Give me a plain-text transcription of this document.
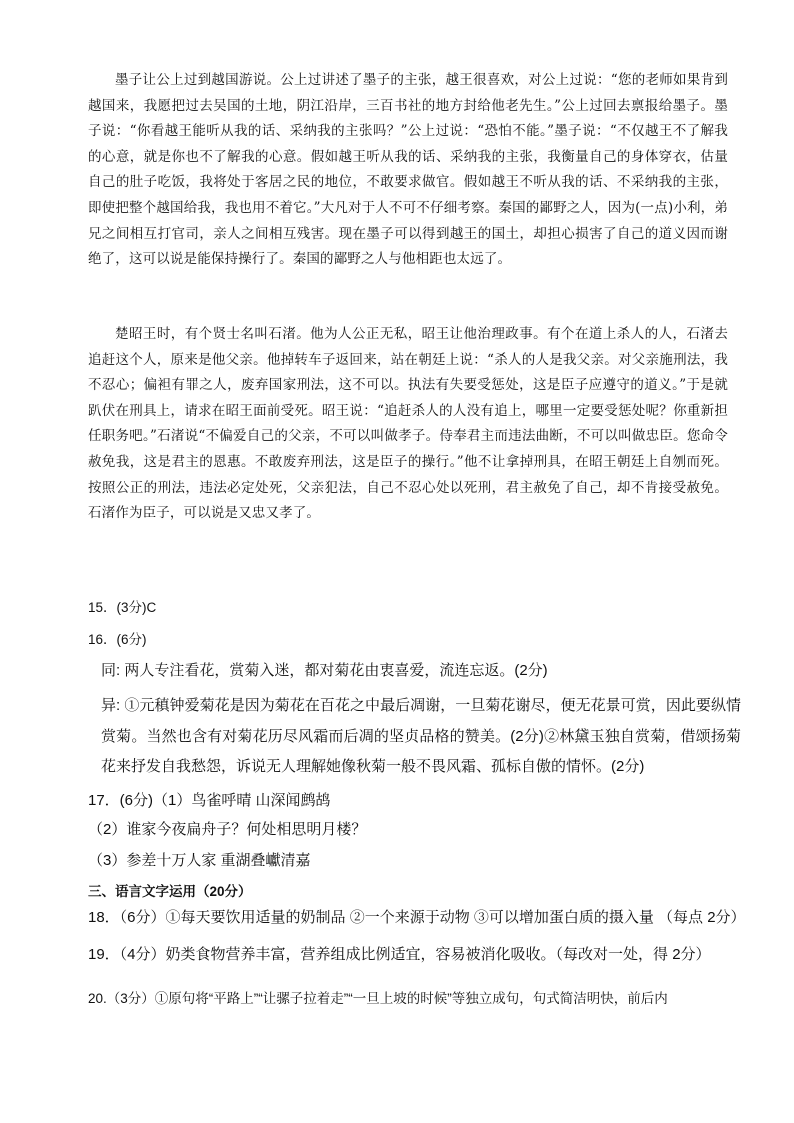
墨子让公上过到越国游说。公上过讲述了墨子的主张，越王很喜欢，对公上过说：“您的老师如果肯到越国来，我愿把过去吴国的土地，阴江沿岸，三百书社的地方封给他老先生。”公上过回去禀报给墨子。墨子说：“你看越王能听从我的话、采纳我的主张吗？”公上过说：“恐怕不能。”墨子说：“不仅越王不了解我的心意，就是你也不了解我的心意。假如越王听从我的话、采纳我的主张，我衡量自己的身体穿衣，估量自己的肚子吃饭，我将处于客居之民的地位，不敢要求做官。假如越王不听从我的话、不采纳我的主张，即使把整个越国给我，我也用不着它。”大凡对于人不可不仔细考察。秦国的鄙野之人，因为(一点)小利，弟兄之间相互打官司，亲人之间相互残害。现在墨子可以得到越王的国土，却担心损害了自己的道义因而谢绝了，这可以说是能保持操行了。秦国的鄙野之人与他相距也太远了。

楚昭王时，有个贤士名叫石渚。他为人公正无私，昭王让他治理政事。有个在道上杀人的人，石渚去追赶这个人，原来是他父亲。他掉转车子返回来，站在朝廷上说：“杀人的人是我父亲。对父亲施刑法，我不忍心；偏袒有罪之人，废弃国家刑法，这不可以。执法有失要受惩处，这是臣子应遵守的道义。”于是就趴伏在刑具上，请求在昭王面前受死。昭王说：“追赶杀人的人没有追上，哪里一定要受惩处呢？你重新担任职务吧。”石渚说“不偏爱自己的父亲，不可以叫做孝子。侍奉君主而违法曲断，不可以叫做忠臣。您命令赦免我，这是君主的恩惠。不敢废弃刑法，这是臣子的操行。”他不让拿掉刑具，在昭王朝廷上自刎而死。按照公正的刑法，违法必定处死，父亲犯法，自己不忍心处以死刑，君主赦免了自己，却不肯接受赦免。石渚作为臣子，可以说是又忠又孝了。

15．(3分)C
16．(6分)
同: 两人专注看花，赏菊入迷，都对菊花由衷喜爱，流连忘返。(2分)
异: ①元稹钟爱菊花是因为菊花在百花之中最后凋谢，一旦菊花谢尽，便无花景可赏，因此要纵情赏菊。当然也含有对菊花历尽风霜而后凋的坚贞品格的赞美。(2分)②林黛玉独自赏菊，借颂扬菊花来抒发自我愁怨，诉说无人理解她像秋菊一般不畏风霜、孤标自傲的情怀。(2分)
17．(6分)（1）鸟雀呼晴 山深闻鹧鸪
（2）谁家今夜扁舟子？何处相思明月楼？
（3）参差十万人家 重湖叠巘清嘉
三、语言文字运用（20分）
18．（6分）①每天要饮用适量的奶制品 ②一个来源于动物 ③可以增加蛋白质的摄入量 （每点 2分）
19．（4分）奶类食物营养丰富，营养组成比例适宜，容易被消化吸收。（每改对一处，得 2分）
20.（3分）①原句将“平路上”“让骡子拉着走”“一旦上坡的时候”等独立成句，句式简洁明快，前后内
